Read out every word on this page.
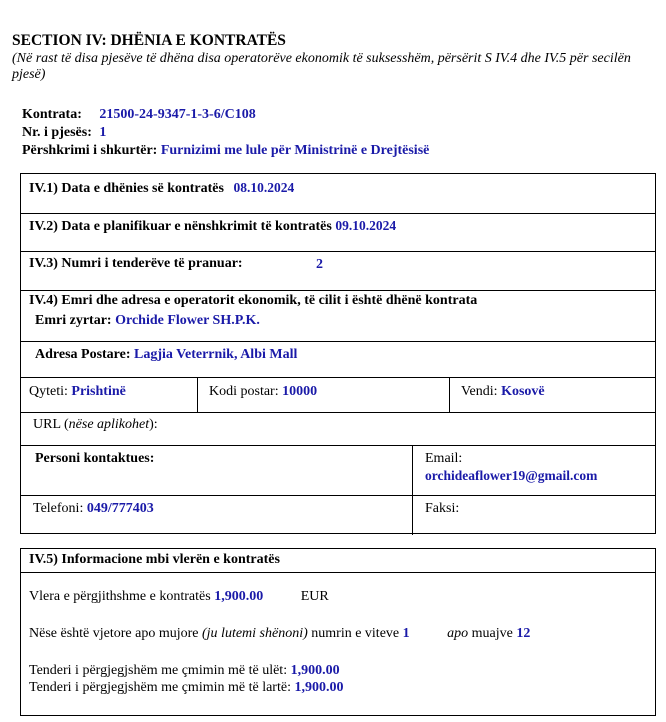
SECTION IV: DHËNIA E KONTRATËS
(Në rast të disa pjesëve të dhëna disa operatorëve ekonomik të suksesshëm, përsërit S IV.4 dhe IV.5 për secilën pjesë)
Kontrata: 21500-24-9347-1-3-6/C108
Nr. i pjesës: 1
Përshkrimi i shkurtër: Furnizimi me lule për Ministrinë e Drejtësisë
IV.1) Data e dhënies së kontratës 08.10.2024
IV.2) Data e planifikuar e nënshkrimit të kontratës 09.10.2024
IV.3) Numri i tenderëve të pranuar:	2
IV.4) Emri dhe adresa e operatorit ekonomik, të cilit i është dhënë kontrata
Emri zyrtar: Orchide Flower SH.P.K.
Adresa Postare: Lagjia Veterrnik, Albi Mall
Qyteti: Prishtinë	Kodi postar: 10000	Vendi: Kosovë
URL (nëse aplikohet):
Personi kontaktues:	Email:
orchideaflower19@gmail.com
Telefoni: 049/777403	Faksi:
IV.5) Informacione mbi vlerën e kontratës
Vlera e përgjithshme e kontratës 1,900.00	EUR
Nëse është vjetore apo mujore (ju lutemi shënoni) numrin e viteve 1	apo muajve 12
Tenderi i përgjegjshëm me çmimin më të ulët: 1,900.00
Tenderi i përgjegjshëm me çmimin më të lartë: 1,900.00
